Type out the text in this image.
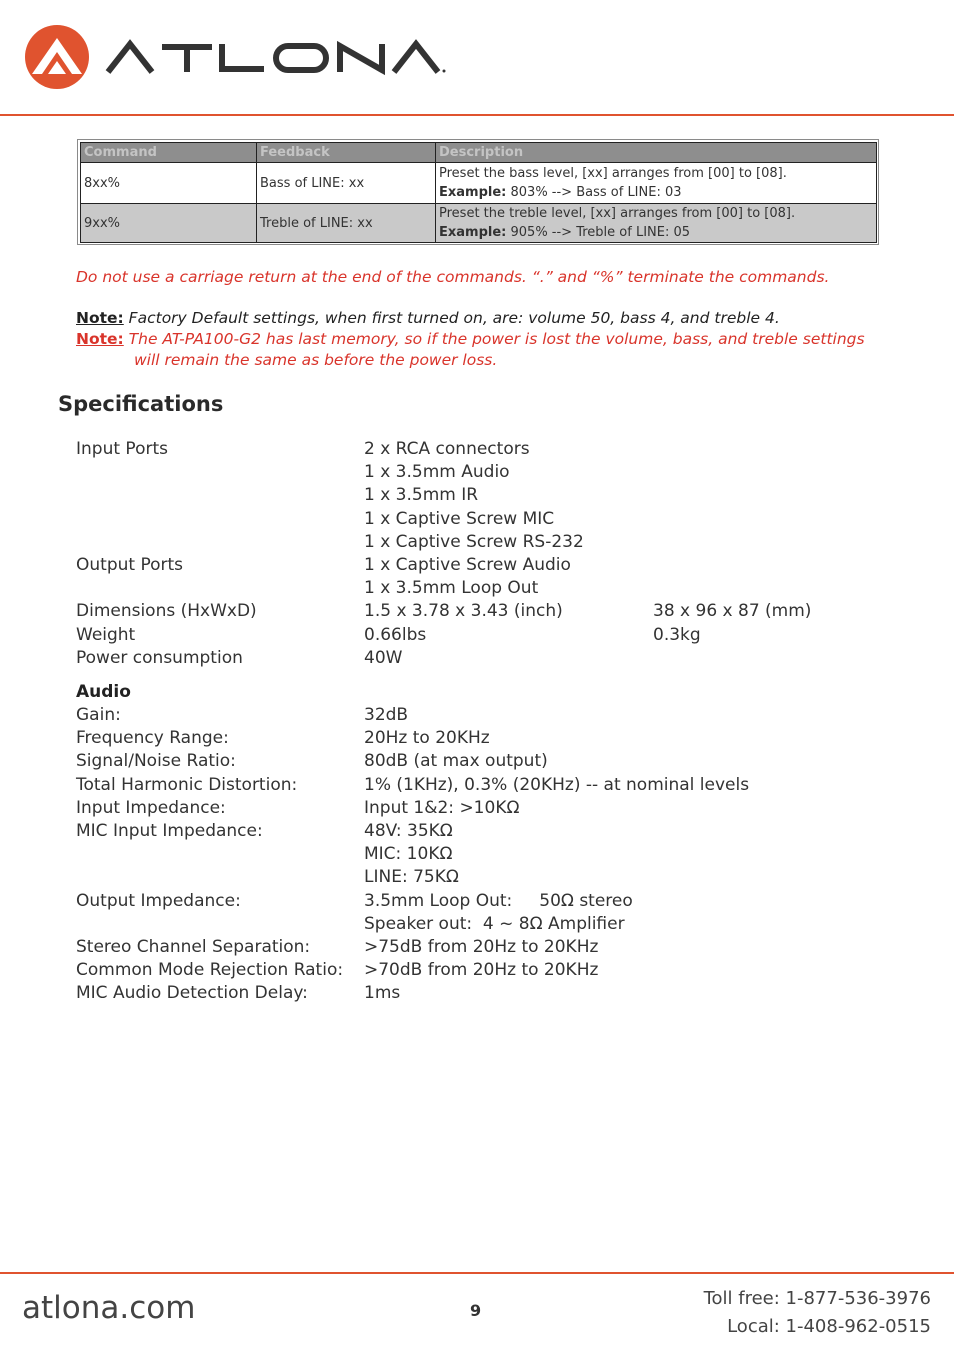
Command	Feedback	Description
8xx%	Bass of LINE: xx	Preset the bass level, [xx] arranges from [00] to [08].
Example: 803% --> Bass of LINE: 03
9xx%	Treble of LINE: xx	Preset the treble level, [xx] arranges from [00] to [08].
Example: 905% --> Treble of LINE: 05
Do not use a carriage return at the end of the commands. “.” and “%” terminate the commands.
Note: Factory Default settings, when first turned on, are: volume 50, bass 4, and treble 4.
Note: The AT-PA100-G2 has last memory, so if the power is lost the volume, bass, and treble settings
will remain the same as before the power loss.
Specifications
Input Ports	2 x RCA connectors
1 x 3.5mm Audio
1 x 3.5mm IR
1 x Captive Screw MIC
1 x Captive Screw RS-232
Output Ports	1 x Captive Screw Audio
1 x 3.5mm Loop Out
Dimensions (HxWxD)	1.5 x 3.78 x 3.43 (inch)	38 x 96 x 87 (mm)
Weight	0.66lbs	0.3kg
Power consumption	40W
Audio
Gain:	32dB
Frequency Range:	20Hz to 20KHz
Signal/Noise Ratio:	80dB (at max output)
Total Harmonic Distortion:	1% (1KHz), 0.3% (20KHz) -- at nominal levels
Input Impedance:	Input 1&2: >10KΩ
MIC Input Impedance:	48V: 35KΩ
MIC: 10KΩ
LINE: 75KΩ
Output Impedance:	3.5mm Loop Out:     50Ω stereo
Speaker out:  4 ~ 8Ω Amplifier
Stereo Channel Separation:	>75dB from 20Hz to 20KHz
Common Mode Rejection Ratio: >70dB from 20Hz to 20KHz
MIC Audio Detection Delay:	1ms
atlona.com	9
Toll free: 1-877-536-3976
Local: 1-408-962-0515
